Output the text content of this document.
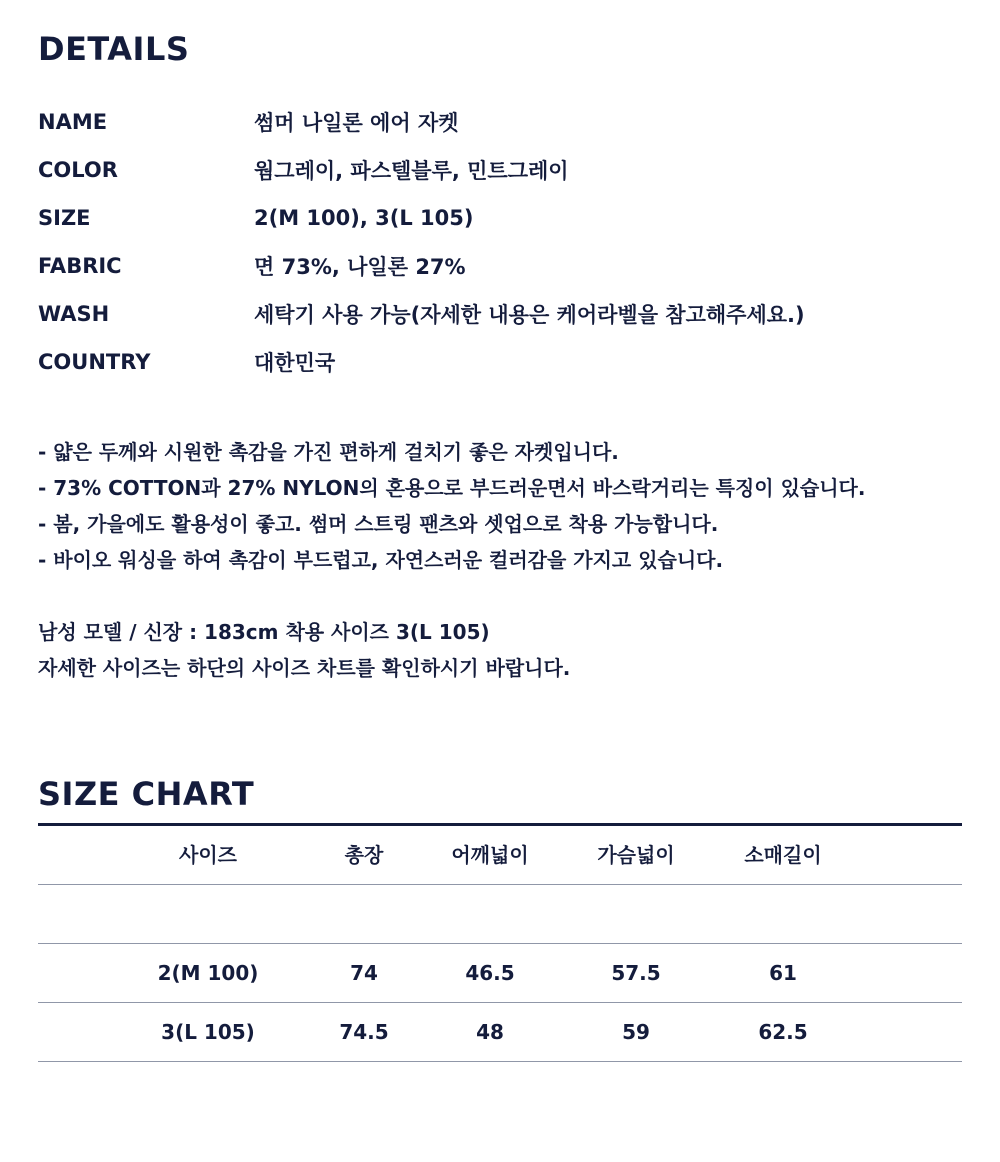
DETAILS
NAME	썸머 나일론 에어 자켓
COLOR	웜그레이, 파스텔블루, 민트그레이
SIZE	2(M 100), 3(L 105)
FABRIC	면 73%, 나일론 27%
WASH	세탁기 사용 가능(자세한 내용은 케어라벨을 참고해주세요.)
COUNTRY	대한민국
- 얇은 두께와 시원한 촉감을 가진 편하게 걸치기 좋은 자켓입니다.
- 73% COTTON과 27% NYLON의 혼용으로 부드러운면서 바스락거리는 특징이 있습니다.
- 봄, 가을에도 활용성이 좋고. 썸머 스트링 팬츠와 셋업으로 착용 가능합니다.
- 바이오 워싱을 하여 촉감이 부드럽고, 자연스러운 컬러감을 가지고 있습니다.
남성 모델 / 신장 : 183cm 착용 사이즈 3(L 105)
자세한 사이즈는 하단의 사이즈 차트를 확인하시기 바랍니다.
SIZE CHART
사이즈	총장	어깨넓이	가슴넓이	소매길이
2(M 100)	74	46.5	57.5	61
3(L 105)	74.5	48	59	62.5
